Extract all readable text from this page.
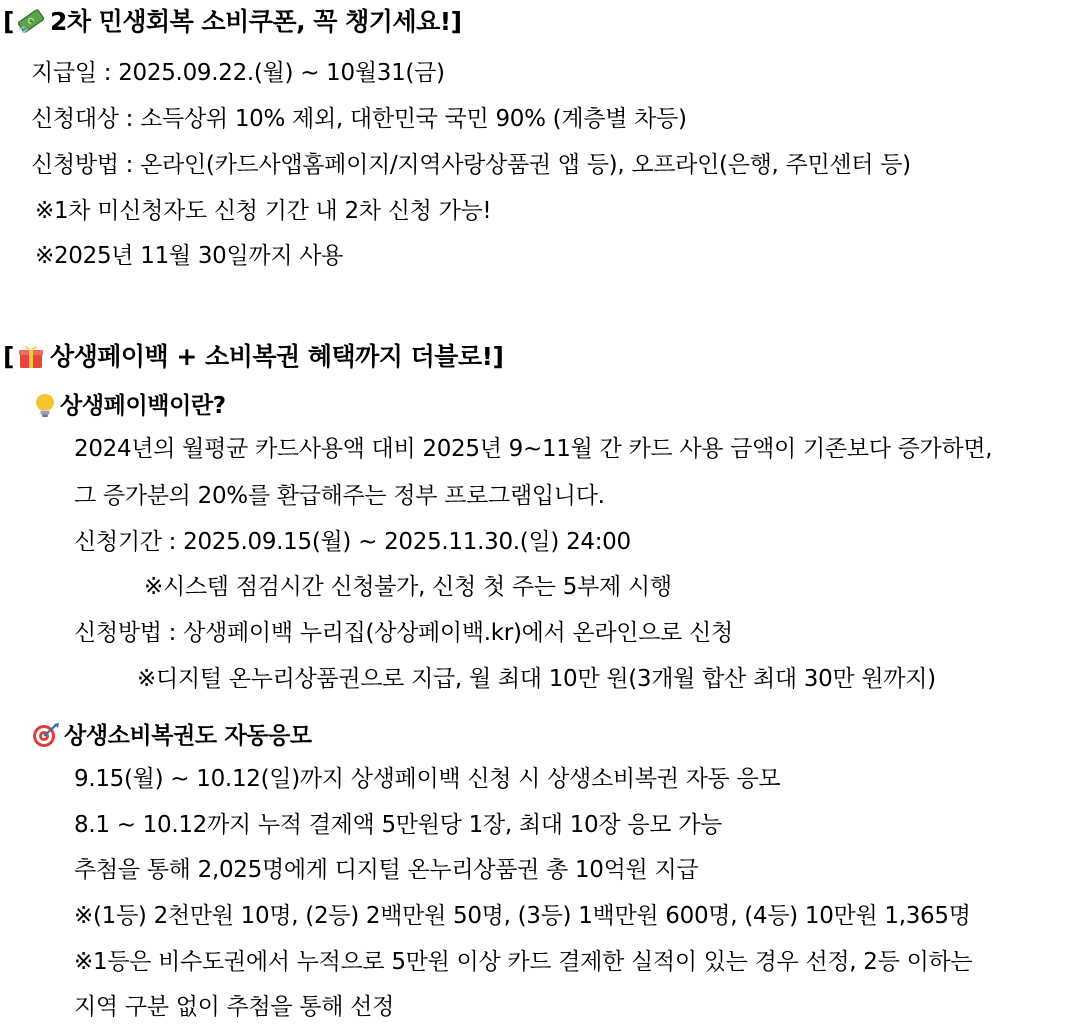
[ $ 2차 민생회복 소비쿠폰, 꼭 챙기세요!]
지급일 : 2025.09.22.(월) ~ 10월31(금)
신청대상 : 소득상위 10% 제외, 대한민국 국민 90% (계층별 차등)
신청방법 : 온라인(카드사앱홈페이지/지역사랑상품권 앱 등), 오프라인(은행, 주민센터 등)
※1차 미신청자도 신청 기간 내 2차 신청 가능!
※2025년 11월 30일까지 사용
[ 상생페이백 + 소비복권 혜택까지 더블로!]
상생페이백이란?
2024년의 월평균 카드사용액 대비 2025년 9~11월 간 카드 사용 금액이 기존보다 증가하면,
그 증가분의 20%를 환급해주는 정부 프로그램입니다.
신청기간 : 2025.09.15(월) ~ 2025.11.30.(일) 24:00
※시스템 점검시간 신청불가, 신청 첫 주는 5부제 시행
신청방법 : 상생페이백 누리집(상상페이백.kr)에서 온라인으로 신청
※디지털 온누리상품권으로 지급, 월 최대 10만 원(3개월 합산 최대 30만 원까지)
상생소비복권도 자동응모
9.15(월) ~ 10.12(일)까지 상생페이백 신청 시 상생소비복권 자동 응모
8.1 ~ 10.12까지 누적 결제액 5만원당 1장, 최대 10장 응모 가능
추첨을 통해 2,025명에게 디지털 온누리상품권 총 10억원 지급
※(1등) 2천만원 10명, (2등) 2백만원 50명, (3등) 1백만원 600명, (4등) 10만원 1,365명
※1등은 비수도권에서 누적으로 5만원 이상 카드 결제한 실적이 있는 경우 선정, 2등 이하는
지역 구분 없이 추첨을 통해 선정
